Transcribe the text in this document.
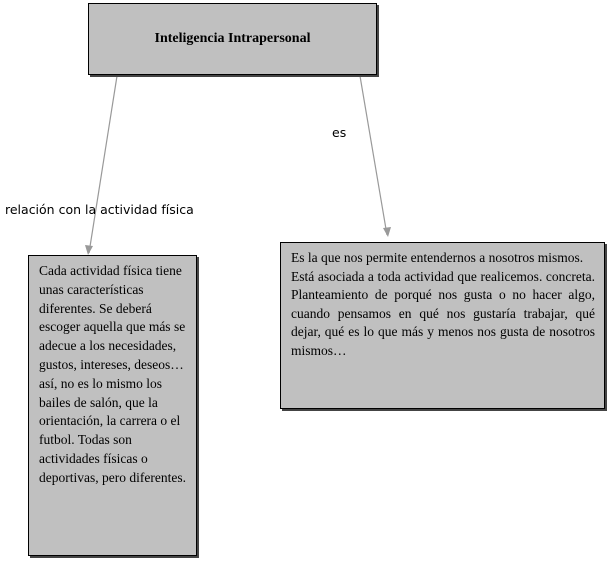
Inteligencia Intrapersonal
relación con la actividad física
es
Cada actividad física tiene unas características diferentes. Se deberá escoger aquella que más se adecue a los necesidades, gustos, intereses, deseos…así, no es lo mismo los bailes de salón, que la orientación, la carrera o el futbol. Todas son actividades físicas o deportivas, pero diferentes.

Es la que nos permite entendernos a nosotros mismos.

Está asociada a toda actividad que realicemos. concreta. Planteamiento de porqué nos gusta o no hacer algo, cuando pensamos en qué nos gustaría trabajar, qué dejar, qué es lo que más y menos nos gusta de nosotros mismos…
